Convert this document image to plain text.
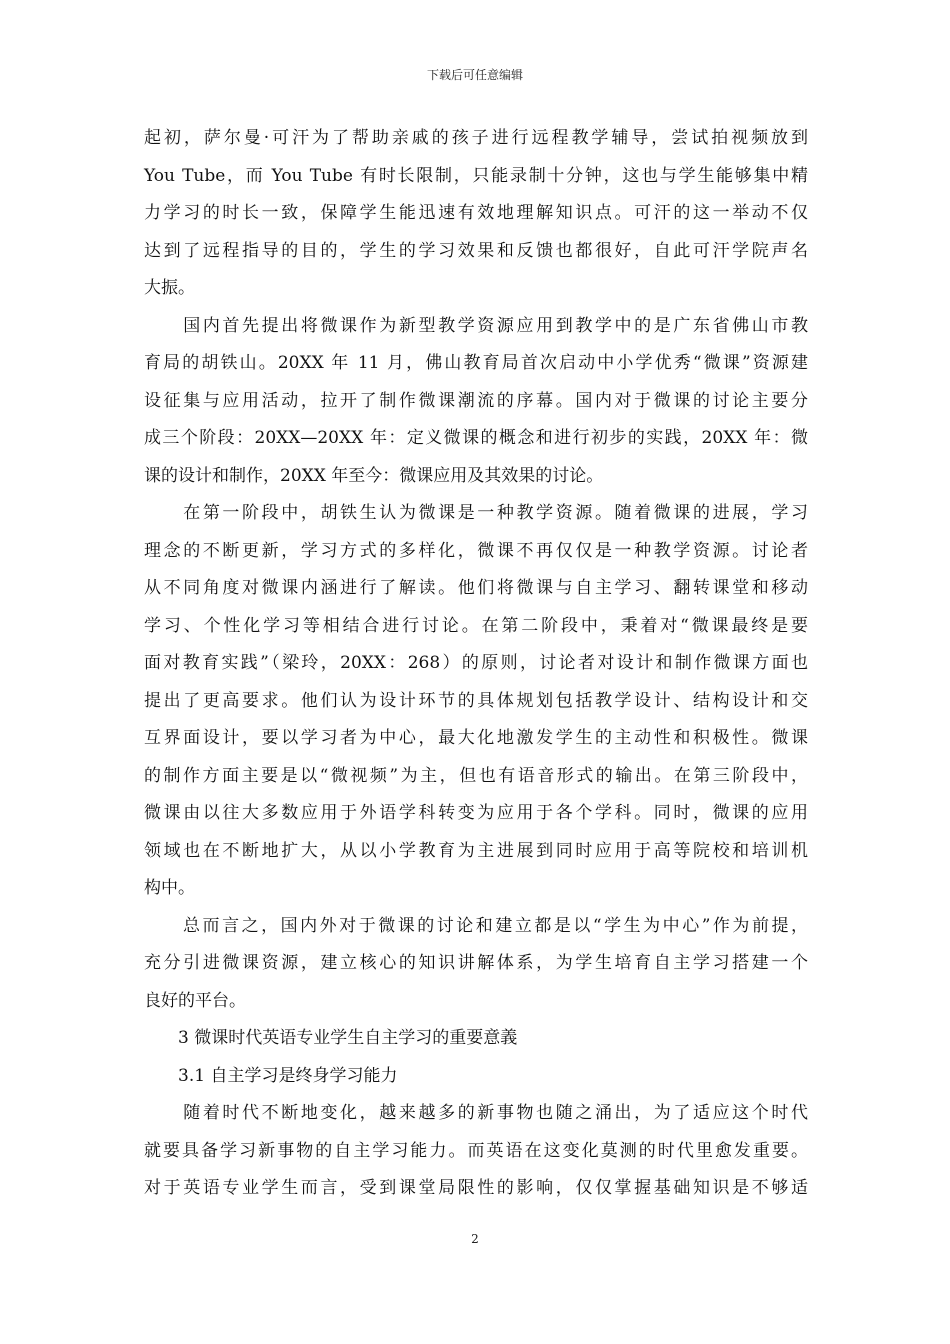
下载后可任意编辑
起初，萨尔曼·可汗为了帮助亲戚的孩子进行远程教学辅导，尝试拍视频放到
You Tube，而 You Tube 有时长限制，只能录制十分钟，这也与学生能够集中精
力学习的时长一致，保障学生能迅速有效地理解知识点。可汗的这一举动不仅
达到了远程指导的目的，学生的学习效果和反馈也都很好，自此可汗学院声名
大振。
　　国内首先提出将微课作为新型教学资源应用到教学中的是广东省佛山市教
育局的胡铁山。20XX 年 11 月，佛山教育局首次启动中小学优秀“微课”资源建
设征集与应用活动，拉开了制作微课潮流的序幕。国内对于微课的讨论主要分
成三个阶段：20XX—20XX 年：定义微课的概念和进行初步的实践，20XX 年：微
课的设计和制作，20XX 年至今：微课应用及其效果的讨论。
　　在第一阶段中，胡铁生认为微课是一种教学资源。随着微课的进展，学习
理念的不断更新，学习方式的多样化，微课不再仅仅是一种教学资源。讨论者
从不同角度对微课内涵进行了解读。他们将微课与自主学习、翻转课堂和移动
学习、个性化学习等相结合进行讨论。在第二阶段中，秉着对“微课最终是要
面对教育实践”（梁玲，20XX：268）的原则，讨论者对设计和制作微课方面也
提出了更高要求。他们认为设计环节的具体规划包括教学设计、结构设计和交
互界面设计，要以学习者为中心，最大化地激发学生的主动性和积极性。微课
的制作方面主要是以“微视频”为主，但也有语音形式的输出。在第三阶段中，
微课由以往大多数应用于外语学科转变为应用于各个学科。同时，微课的应用
领域也在不断地扩大，从以小学教育为主进展到同时应用于高等院校和培训机
构中。
　　总而言之，国内外对于微课的讨论和建立都是以“学生为中心”作为前提，
充分引进微课资源，建立核心的知识讲解体系，为学生培育自主学习搭建一个
良好的平台。
　　3 微课时代英语专业学生自主学习的重要意義
　　3.1 自主学习是终身学习能力
　　随着时代不断地变化，越来越多的新事物也随之涌出，为了适应这个时代
就要具备学习新事物的自主学习能力。而英语在这变化莫测的时代里愈发重要。
对于英语专业学生而言，受到课堂局限性的影响，仅仅掌握基础知识是不够适
2
